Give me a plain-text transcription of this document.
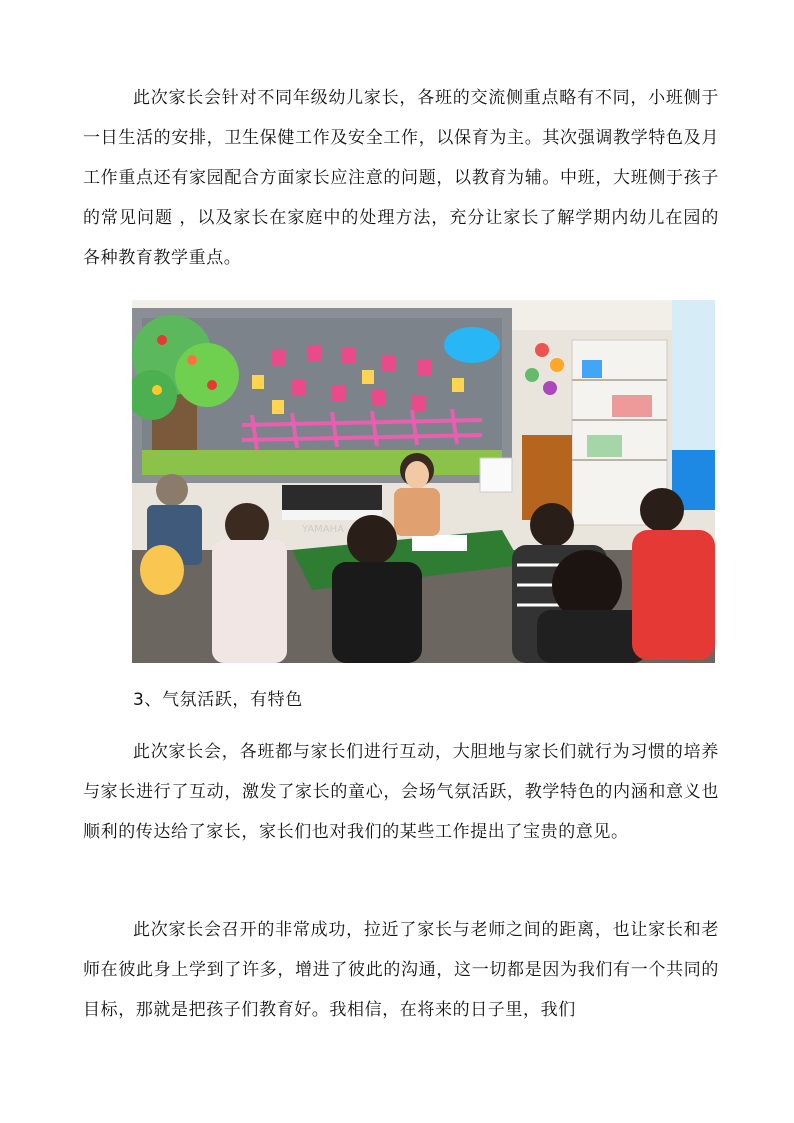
此次家长会针对不同年级幼儿家长，各班的交流侧重点略有不同，小班侧于一日生活的安排，卫生保健工作及安全工作，以保育为主。其次强调教学特色及月工作重点还有家园配合方面家长应注意的问题，以教育为辅。中班，大班侧于孩子的常见问题 ，以及家长在家庭中的处理方法，充分让家长了解学期内幼儿在园的各种教育教学重点。

YAMAHA

3、气氛活跃，有特色

此次家长会，各班都与家长们进行互动，大胆地与家长们就行为习惯的培养与家长进行了互动，激发了家长的童心，会场气氛活跃，教学特色的内涵和意义也顺利的传达给了家长，家长们也对我们的某些工作提出了宝贵的意见。

此次家长会召开的非常成功，拉近了家长与老师之间的距离，也让家长和老师在彼此身上学到了许多，增进了彼此的沟通，这一切都是因为我们有一个共同的目标，那就是把孩子们教育好。我相信，在将来的日子里，我们
